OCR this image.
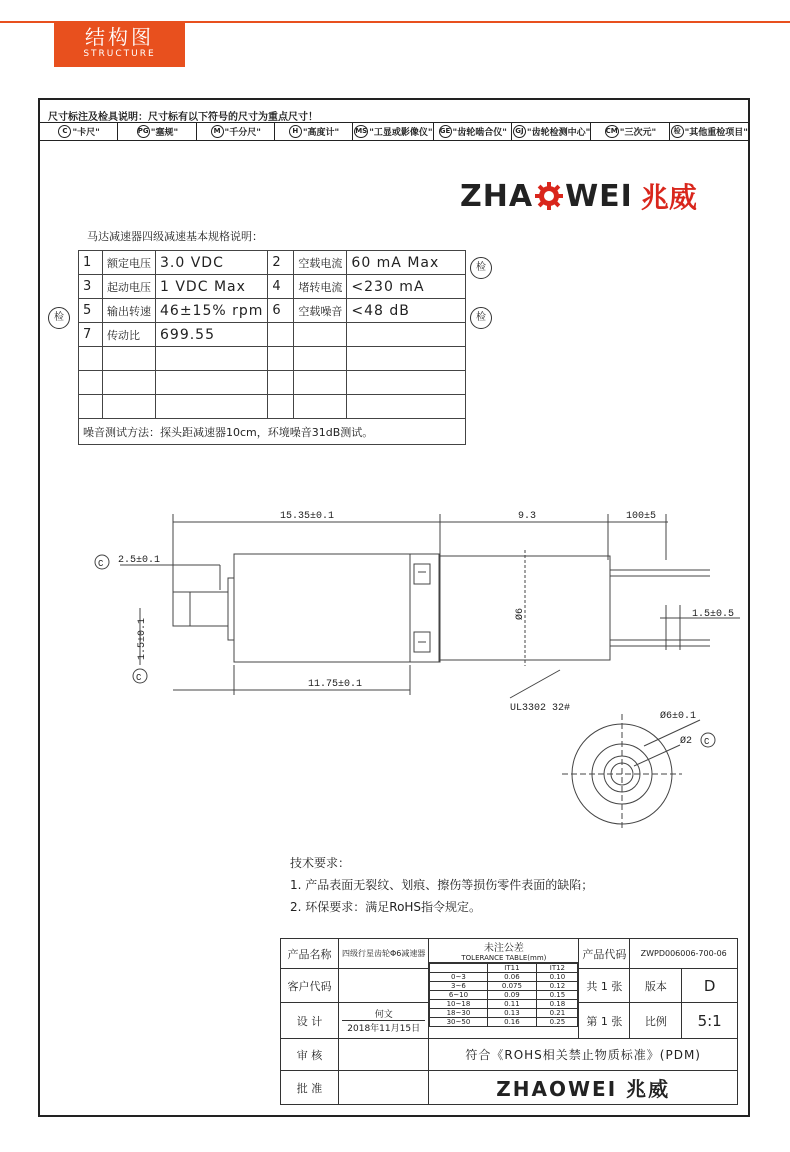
结构图
STRUCTURE
尺寸标注及检具说明：尺寸标有以下符号的尺寸为重点尺寸！
C "卡尺"	PG "塞规"	M "千分尺"	H "高度计" MS "工显或影像仪" GE "齿轮啮合仪"	GJ "齿轮检测中心" CM "三次元"	检 "其他重检项目"
ZHA WEI 兆威
马达减速器四级减速基本规格说明：
1	额定电压	3.0 VDC	2	空载电流	60 mA Max
3	起动电压	1 VDC Max	4	堵转电流	<230 mA
5	输出转速	46±15% rpm	6	空载噪音	<48 dB
7	传动比	699.55			

噪音测试方法：探头距减速器10cm，环境噪音31dB测试。					
检
检
检
15.35±0.1	9.3	100±5
2.5±0.1
1.5±0.1
11.75±0.1
Ø6	1.5±0.5
UL3302 32#
Ø6±0.1
Ø2
C
C
C
技术要求：
1. 产品表面无裂纹、划痕、擦伤等损伤零件表面的缺陷；
2. 环保要求：满足RoHS指令规定。
产品名称	四级行星齿轮Φ6减速器	未注公差
TOLERANCE TABLE(mm)
	IT11	IT12
0~3	0.06	0.10
3~6	0.075	0.12
6~10	0.09	0.15
10~18	0.11	0.18
18~30	0.13	0.21
30~50	0.16	0.25
	产品代码	ZWPD006006-700-06
客户代码		共 1 张	版本	D
设 计	何文
2018年11月15日
	第 1 张	比例	5:1
审 核		符合《ROHS相关禁止物质标准》(PDM)
批 准		ZHAOWEI 兆威
